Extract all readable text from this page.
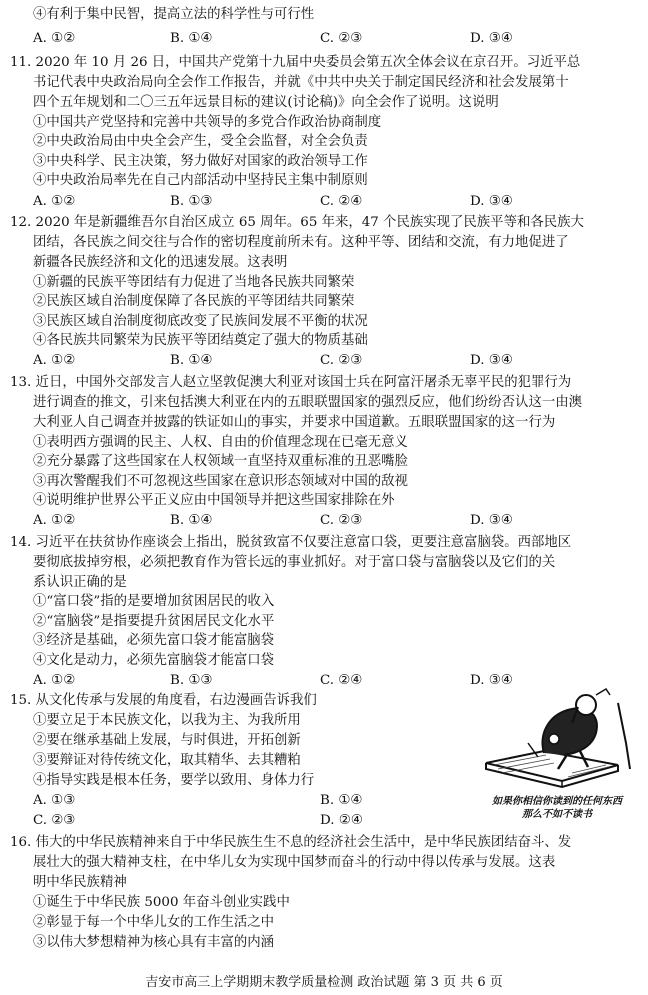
④有利于集中民智，提高立法的科学性与可行性
A. ①②	B. ①④	C. ②③	D. ③④
11. 2020 年 10 月 26 日，中国共产党第十九届中央委员会第五次全体会议在京召开。习近平总
书记代表中央政治局向全会作工作报告，并就《中共中央关于制定国民经济和社会发展第十
四个五年规划和二〇三五年远景目标的建议(讨论稿)》向全会作了说明。这说明
①中国共产党坚持和完善中共领导的多党合作政治协商制度
②中央政治局由中央全会产生，受全会监督，对全会负责
③中央科学、民主决策，努力做好对国家的政治领导工作
④中央政治局率先在自己内部活动中坚持民主集中制原则
A. ①②	B. ①③	C. ②④	D. ③④
12. 2020 年是新疆维吾尔自治区成立 65 周年。65 年来，47 个民族实现了民族平等和各民族大
团结，各民族之间交往与合作的密切程度前所未有。这种平等、团结和交流，有力地促进了
新疆各民族经济和文化的迅速发展。这表明
①新疆的民族平等团结有力促进了当地各民族共同繁荣
②民族区域自治制度保障了各民族的平等团结共同繁荣
③民族区域自治制度彻底改变了民族间发展不平衡的状况
④各民族共同繁荣为民族平等团结奠定了强大的物质基础
A. ①②	B. ①④	C. ②③	D. ③④
13. 近日，中国外交部发言人赵立坚敦促澳大利亚对该国士兵在阿富汗屠杀无辜平民的犯罪行为
进行调查的推文，引来包括澳大利亚在内的五眼联盟国家的强烈反应，他们纷纷否认这一由澳
大利亚人自己调查并披露的铁证如山的事实，并要求中国道歉。五眼联盟国家的这一行为
①表明西方强调的民主、人权、自由的价值理念现在已毫无意义
②充分暴露了这些国家在人权领域一直坚持双重标准的丑恶嘴脸
③再次警醒我们不可忽视这些国家在意识形态领域对中国的敌视
④说明维护世界公平正义应由中国领导并把这些国家排除在外
A. ①②	B. ①④	C. ②③	D. ③④
14. 习近平在扶贫协作座谈会上指出，脱贫致富不仅要注意富口袋，更要注意富脑袋。西部地区
要彻底拔掉穷根，必须把教育作为管长远的事业抓好。对于富口袋与富脑袋以及它们的关
系认识正确的是
①“富口袋”指的是要增加贫困居民的收入
②“富脑袋”是指要提升贫困居民文化水平
③经济是基础，必须先富口袋才能富脑袋
④文化是动力，必须先富脑袋才能富口袋
A. ①②	B. ①③	C. ②④	D. ③④
15. 从文化传承与发展的角度看，右边漫画告诉我们
①要立足于本民族文化，以我为主、为我所用
②要在继承基础上发展，与时俱进，开拓创新
③要辩证对待传统文化，取其精华、去其糟粕
④指导实践是根本任务，要学以致用、身体力行
A. ①③	B. ①④
C. ②③	D. ②④
如果你相信你读到的任何东西
那么不如不读书
16. 伟大的中华民族精神来自于中华民族生生不息的经济社会生活中，是中华民族团结奋斗、发
展壮大的强大精神支柱，在中华儿女为实现中国梦而奋斗的行动中得以传承与发展。这表
明中华民族精神
①诞生于中华民族 5000 年奋斗创业实践中
②彰显于每一个中华儿女的工作生活之中
③以伟大梦想精神为核心具有丰富的内涵
吉安市高三上学期期末教学质量检测 政治试题 第 3 页 共 6 页
